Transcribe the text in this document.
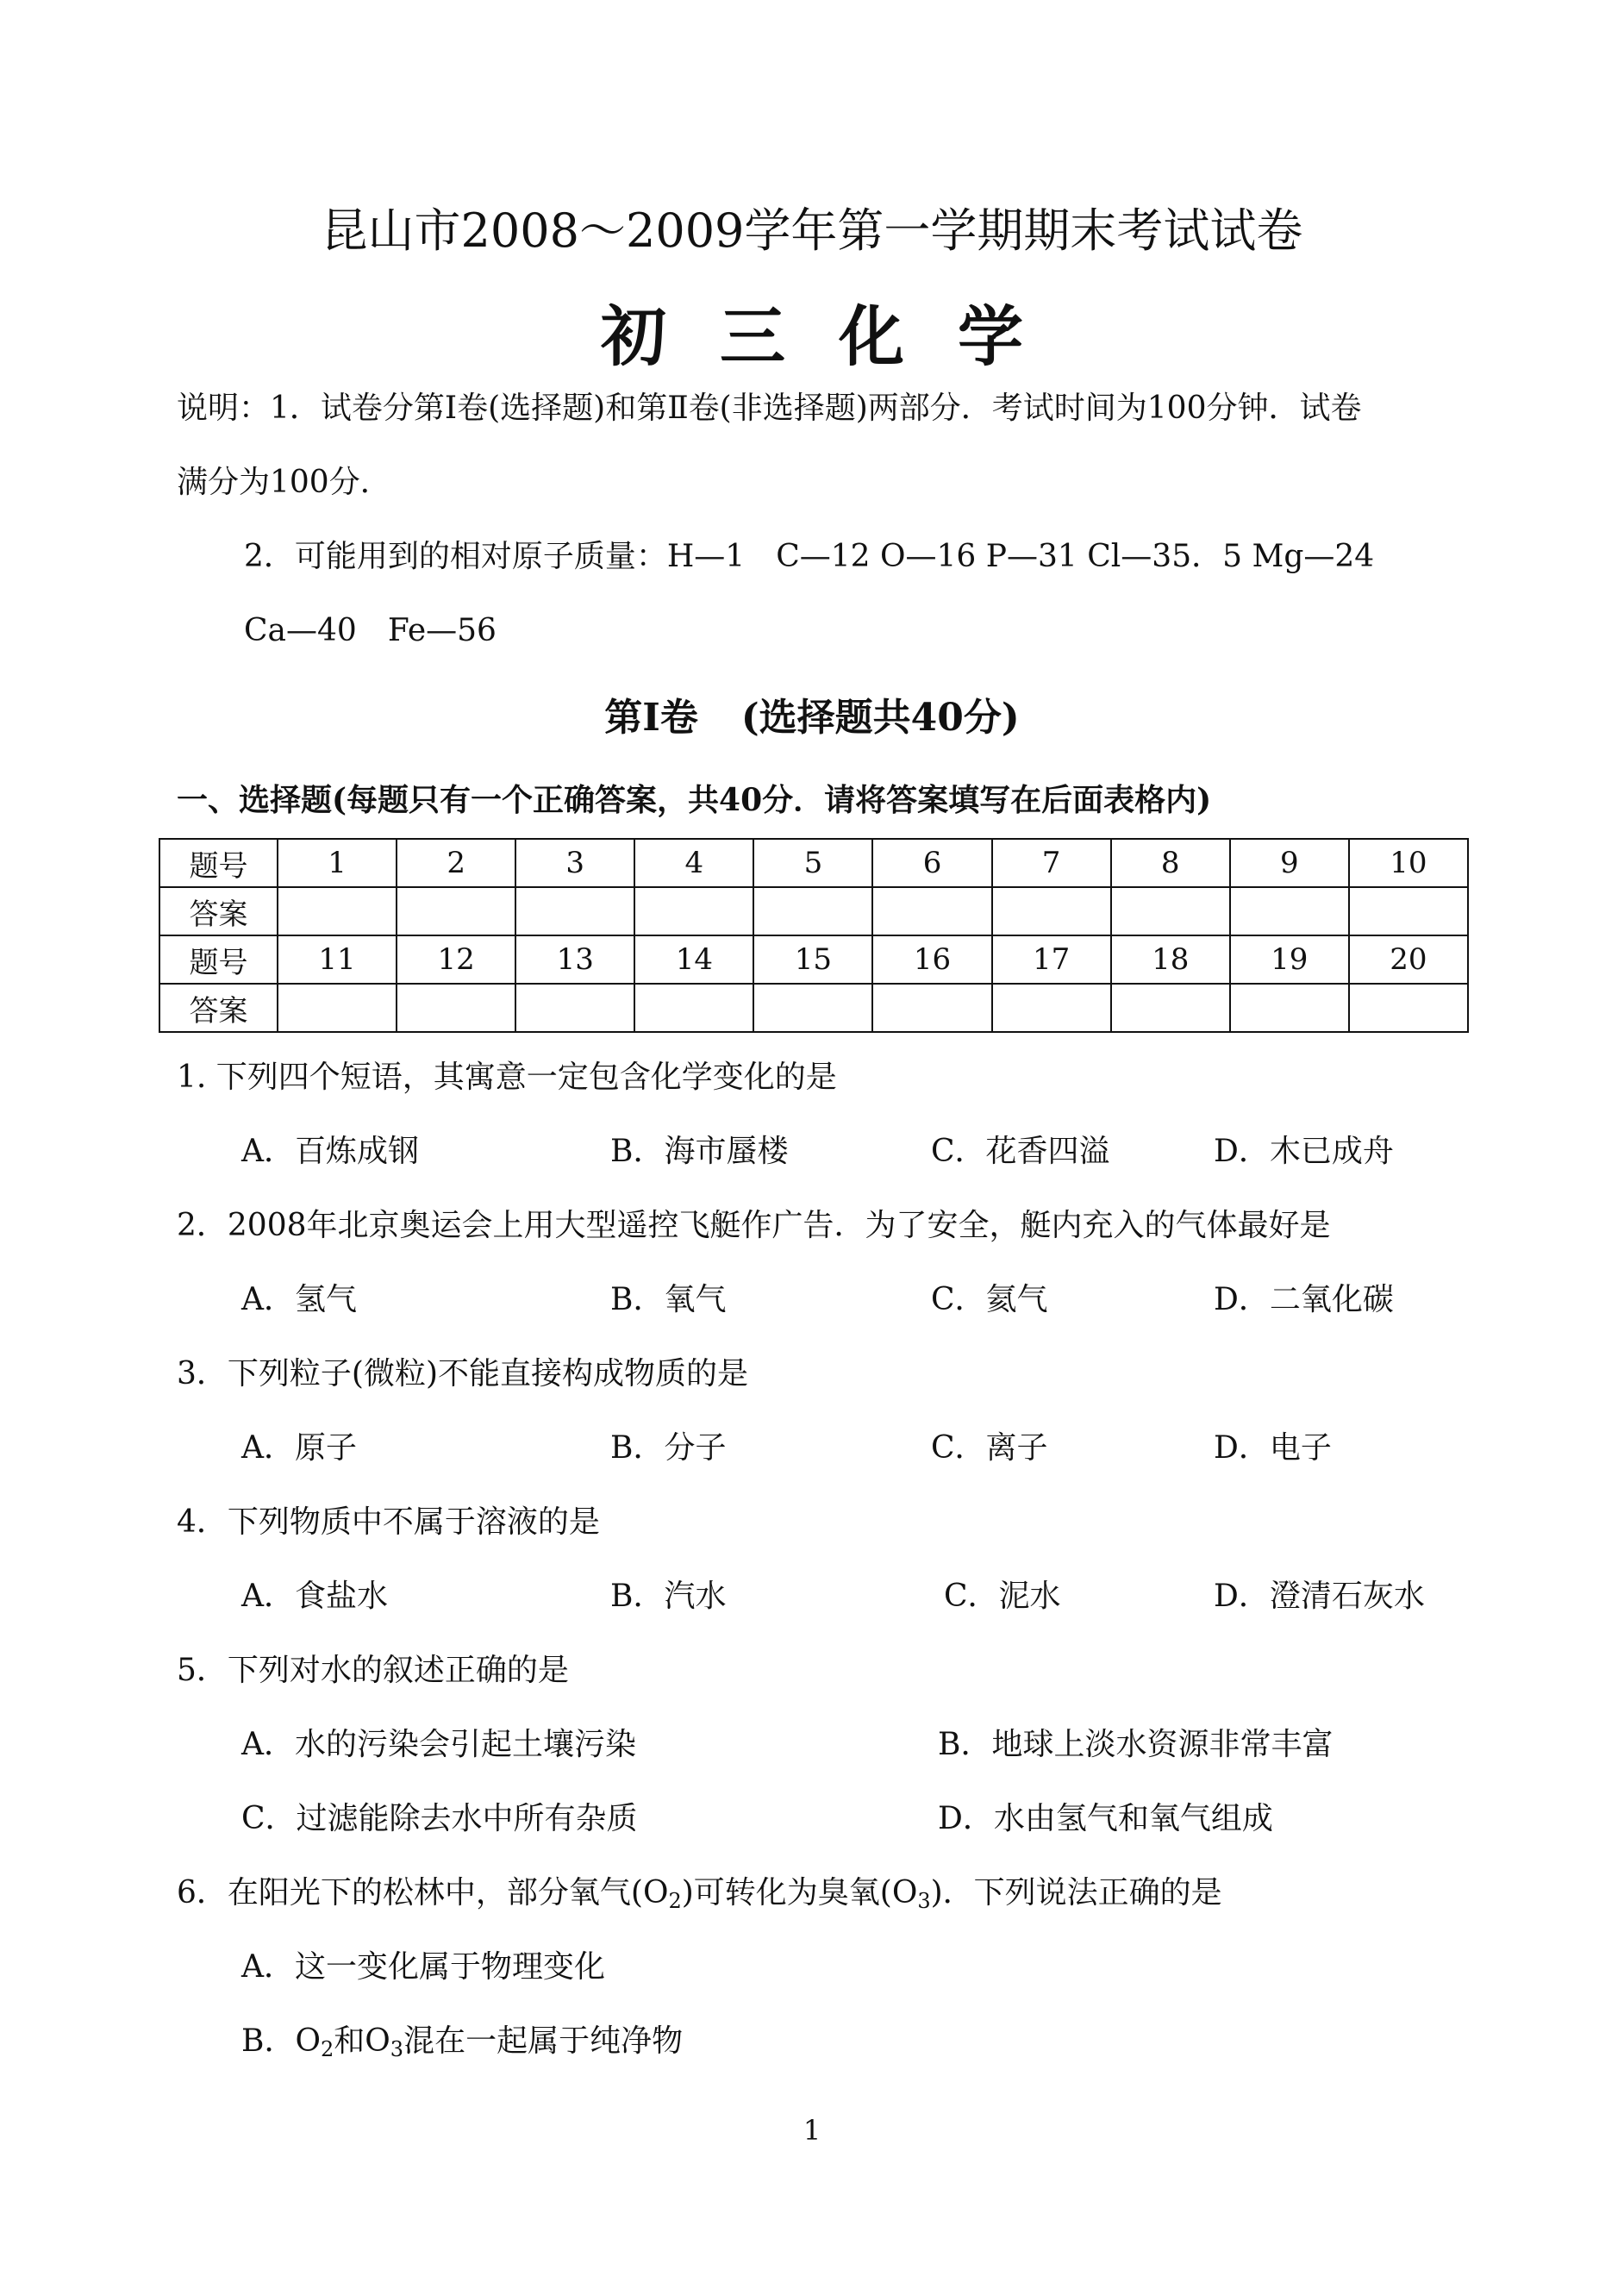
昆山市2008～2009学年第一学期期末考试试卷
初三化学
说明：1．试卷分第Ⅰ卷(选择题)和第Ⅱ卷(非选择题)两部分．考试时间为100分钟．试卷
满分为100分．
2．可能用到的相对原子质量：H—1　C—12 O—16 P—31 Cl—35．5 Mg—24
Ca—40　Fe—56
第Ⅰ卷 (选择题共40分)
一、选择题(每题只有一个正确答案，共40分．请将答案填写在后面表格内)
题号	1	2	3	4	5	6	7	8	9	10
答案										
题号	11	12	13	14	15	16	17	18	19	20
答案										
1. 下列四个短语，其寓意一定包含化学变化的是
A．百炼成钢	B．海市蜃楼	C．花香四溢	D．木已成舟
2．2008年北京奥运会上用大型遥控飞艇作广告．为了安全，艇内充入的气体最好是
A．氢气	B．氧气	C．氦气	D．二氧化碳
3．下列粒子(微粒)不能直接构成物质的是
A．原子	B．分子	C．离子	D．电子
4．下列物质中不属于溶液的是
A．食盐水	B．汽水	C．泥水	D．澄清石灰水
5．下列对水的叙述正确的是
A．水的污染会引起土壤污染	B．地球上淡水资源非常丰富
C．过滤能除去水中所有杂质	D．水由氢气和氧气组成
6．在阳光下的松林中，部分氧气$(O_2)$可转化为臭氧$(O_3)$．下列说法正确的是
A．这一变化属于物理变化
B．$O_2$和$O_3$混在一起属于纯净物
1
